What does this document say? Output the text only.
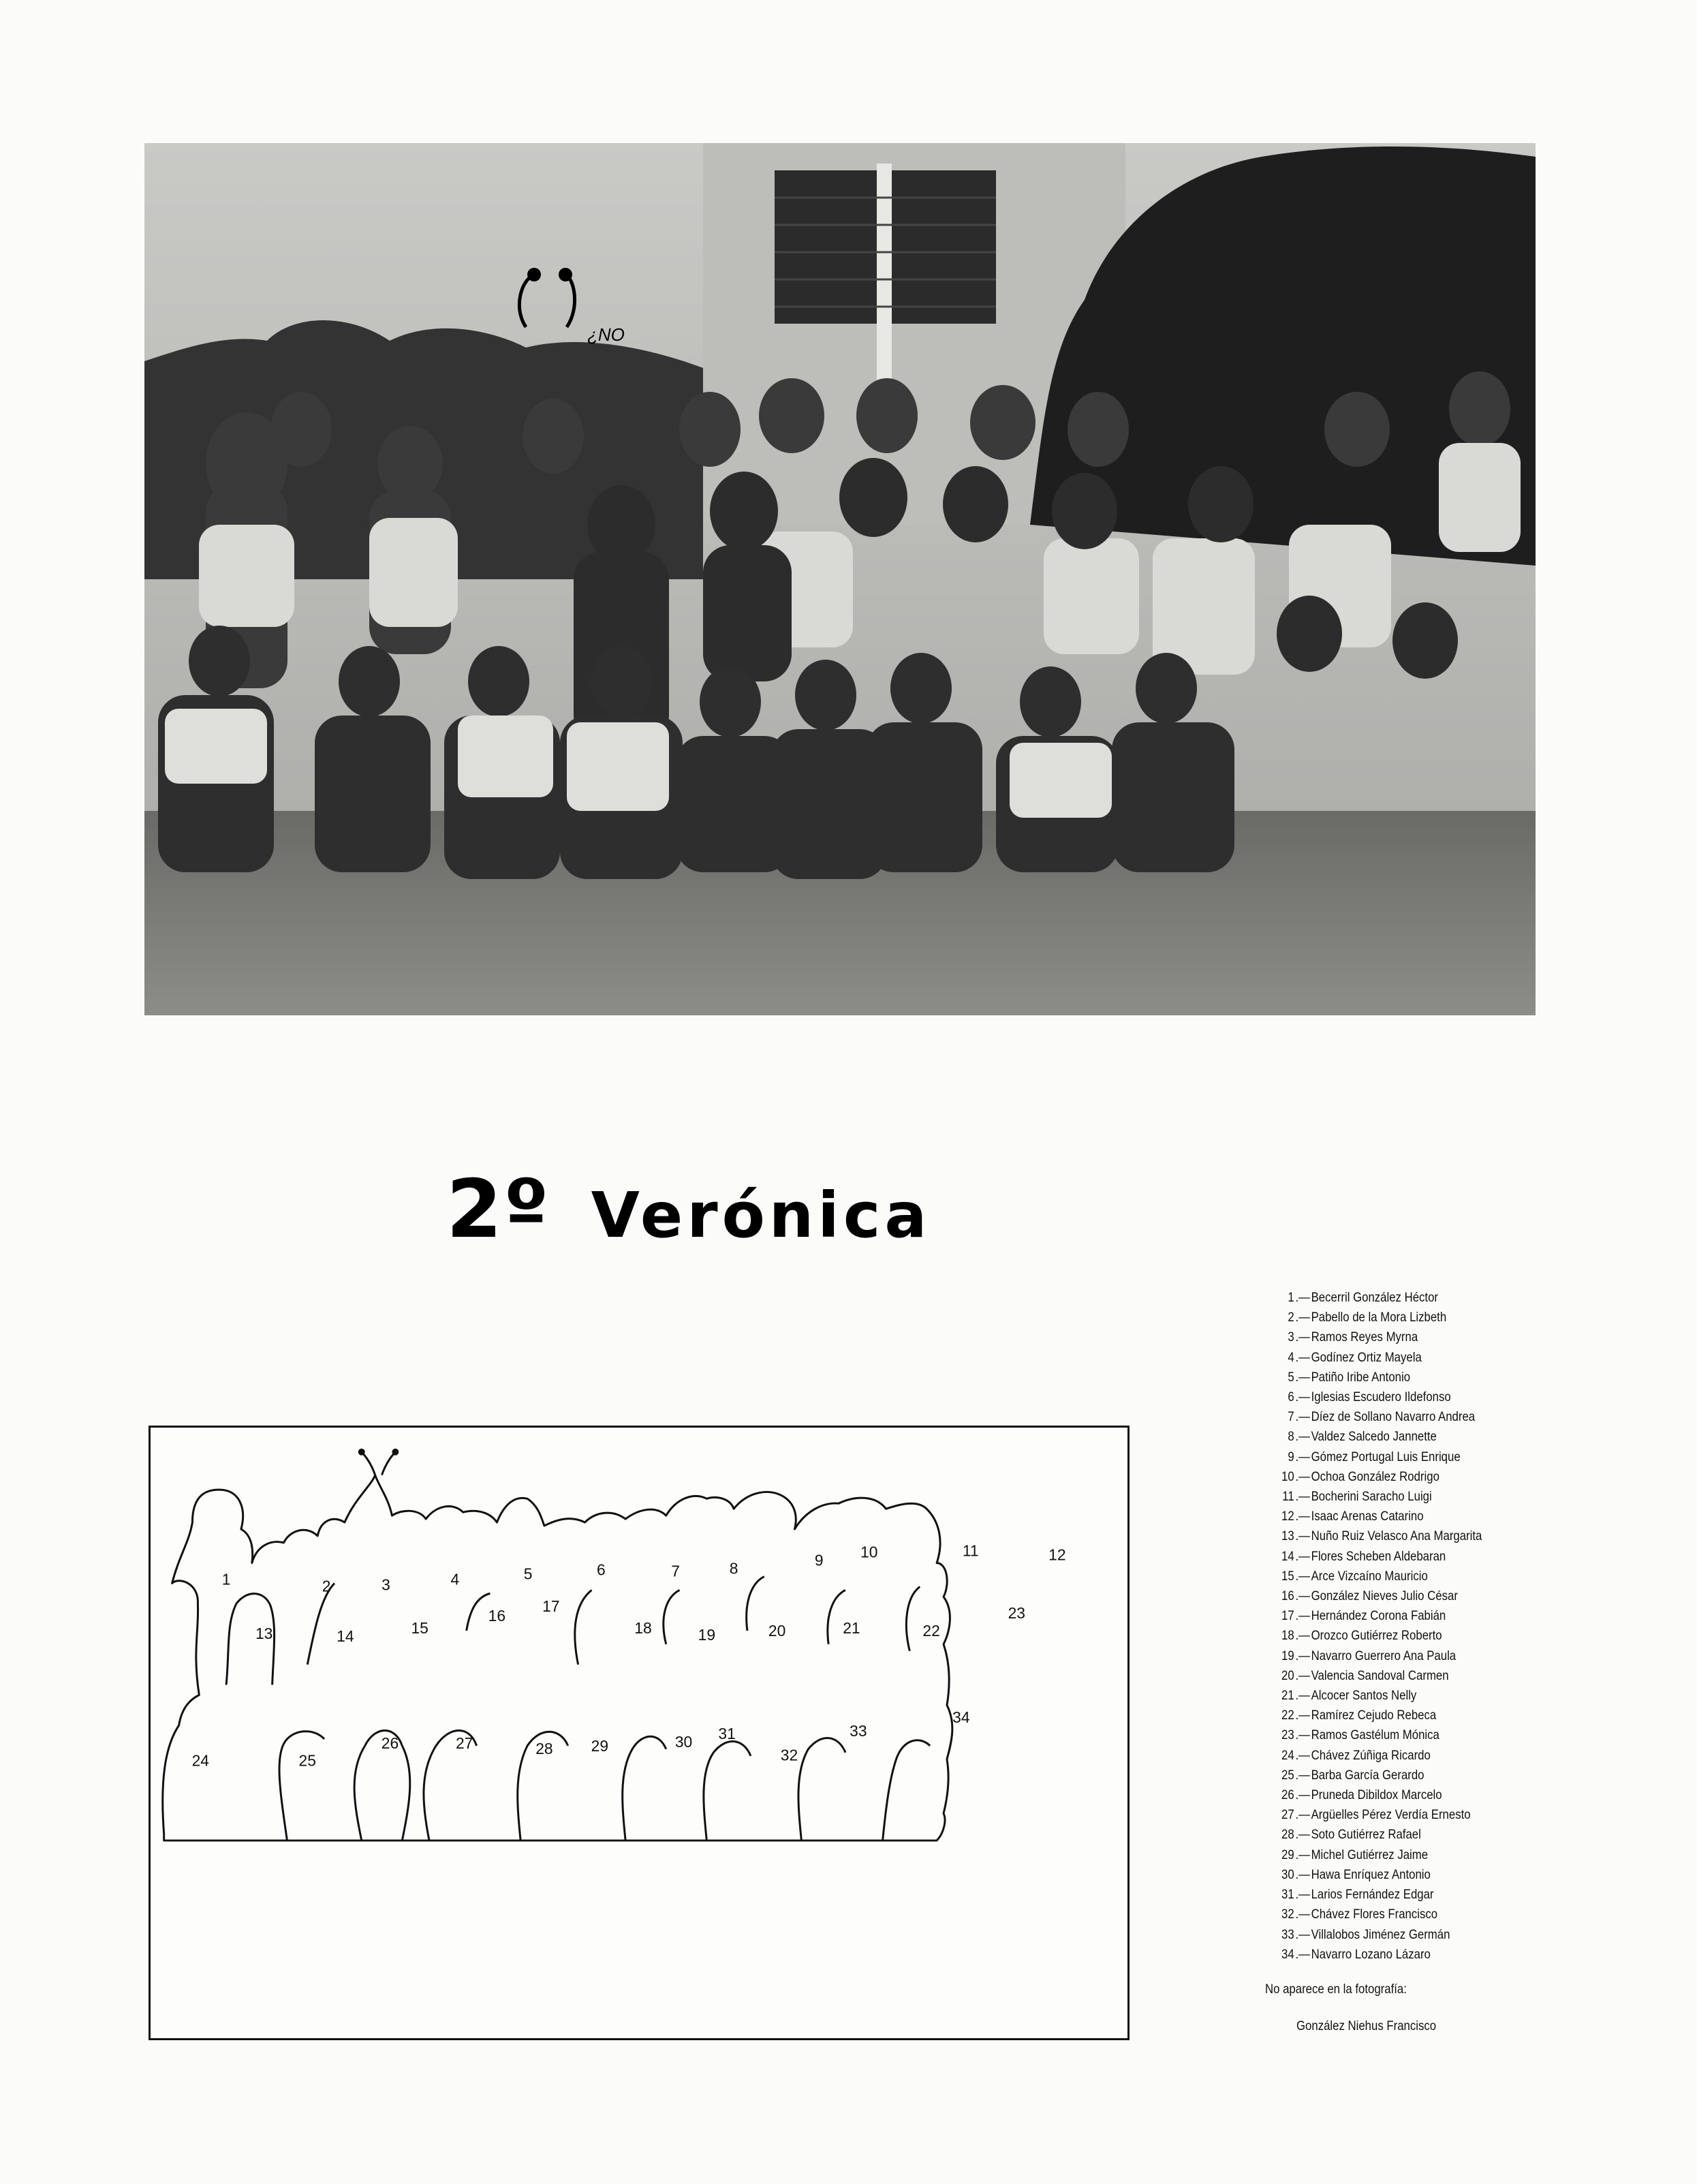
¿NO
2º Verónica
1	2	3	4	5	6	7	8	9 10	11	12
13	14	15
16
17
18	19	20	21	22
23
24	25
26	27	28 29	30 31
32
33
34
1 .— Becerril González Héctor
2 .— Pabello de la Mora Lizbeth
3 .— Ramos Reyes Myrna
4 .— Godínez Ortiz Mayela
5 .— Patiño Iribe Antonio
6 .— Iglesias Escudero Ildefonso
7 .— Díez de Sollano Navarro Andrea
8 .— Valdez Salcedo Jannette
9 .— Gómez Portugal Luis Enrique
10 .— Ochoa González Rodrigo
11 .— Bocherini Saracho Luigi
12 .— Isaac Arenas Catarino
13 .— Nuño Ruiz Velasco Ana Margarita
14 .— Flores Scheben Aldebaran
15 .— Arce Vizcaíno Mauricio
16 .— González Nieves Julio César
17 .— Hernández Corona Fabián
18 .— Orozco Gutiérrez Roberto
19 .— Navarro Guerrero Ana Paula
20 .— Valencia Sandoval Carmen
21 .— Alcocer Santos Nelly
22 .— Ramírez Cejudo Rebeca
23 .— Ramos Gastélum Mónica
24 .— Chávez Zúñiga Ricardo
25 .— Barba García Gerardo
26 .— Pruneda Dibildox Marcelo
27 .— Argüelles Pérez Verdía Ernesto
28 .— Soto Gutiérrez Rafael
29 .— Michel Gutiérrez Jaime
30 .— Hawa Enríquez Antonio
31 .— Larios Fernández Edgar
32 .— Chávez Flores Francisco
33 .— Villalobos Jiménez Germán
34 .— Navarro Lozano Lázaro
No aparece en la fotografía:
González Niehus Francisco
